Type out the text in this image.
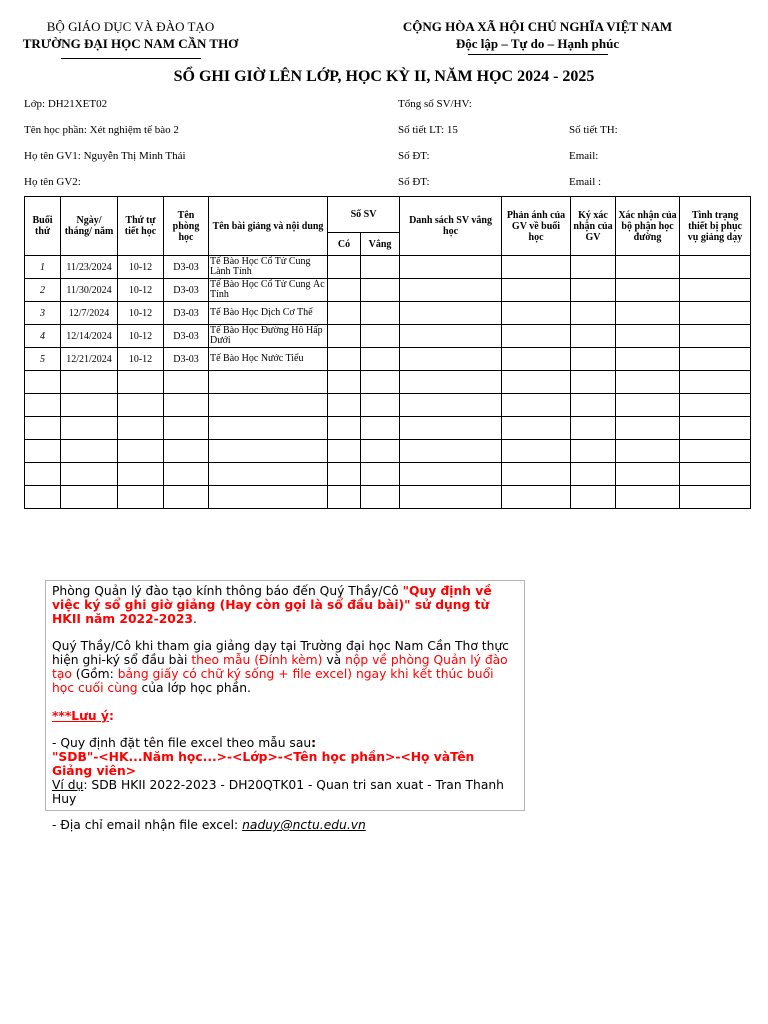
BỘ GIÁO DỤC VÀ ĐÀO TẠO
TRƯỜNG ĐẠI HỌC NAM CẦN THƠ
CỘNG HÒA XÃ HỘI CHỦ NGHĨA VIỆT NAM
Độc lập – Tự do – Hạnh phúc
SỔ GHI GIỜ LÊN LỚP, HỌC KỲ II, NĂM HỌC 2024 - 2025
Lớp: DH21XET02	Tổng số SV/HV:
Tên học phần: Xét nghiệm tế bào 2	Số tiết LT: 15	Số tiết TH:
Họ tên GV1: Nguyễn Thị Minh Thái	Số ĐT:	Email:
Họ tên GV2:	Số ĐT:	Email :
Buổi thứ	Ngày/ tháng/ năm	Thứ tự tiết học	Tên phòng học	Tên bài giảng và nội dung	Số SV		Danh sách SV vắng học	Phản ánh của GV về buổi học	Ký xác nhận của GV	Xác nhận của bộ phận học đường	Tình trạng thiết bị phục vụ giảng dạy
					Có	Vắng					
1	11/23/2024	10-12	D3-03	Tế Bào Học Cổ Tử Cung Lành Tính							
2	11/30/2024	10-12	D3-03	Tế Bào Học Cổ Tử Cung Ác Tính							
3	12/7/2024	10-12	D3-03	Tế Bào Học Dịch Cơ Thể							
4	12/14/2024	10-12	D3-03	Tế Bào Học Đường Hô Hấp Dưới							
5	12/21/2024	10-12	D3-03	Tế Bào Học Nước Tiểu							

Phòng Quản lý đào tạo kính thông báo đến Quý Thầy/Cô "Quy định về việc ký sổ ghi giờ giảng (Hay còn gọi là sổ đầu bài)" sử dụng từ HKII năm 2022-2023.

Quý Thầy/Cô khi tham gia giảng dạy tại Trường đại học Nam Cần Thơ thực hiện ghi-ký sổ đầu bài theo mẫu (Đính kèm) và nộp về phòng Quản lý đào tạo (Gồm: bảng giấy có chữ ký sống + file excel) ngay khi kết thúc buổi học cuối cùng của lớp học phần.

***Lưu ý:

- Quy định đặt tên file excel theo mẫu sau:

"SDB"-<HK...Năm học...>-<Lớp>-<Tên học phần>-<Họ vàTên Giảng viên>

Ví dụ: SDB HKII 2022-2023 - DH20QTK01 - Quan tri san xuat - Tran Thanh Huy

- Địa chỉ email nhận file excel: naduy@nctu.edu.vn
